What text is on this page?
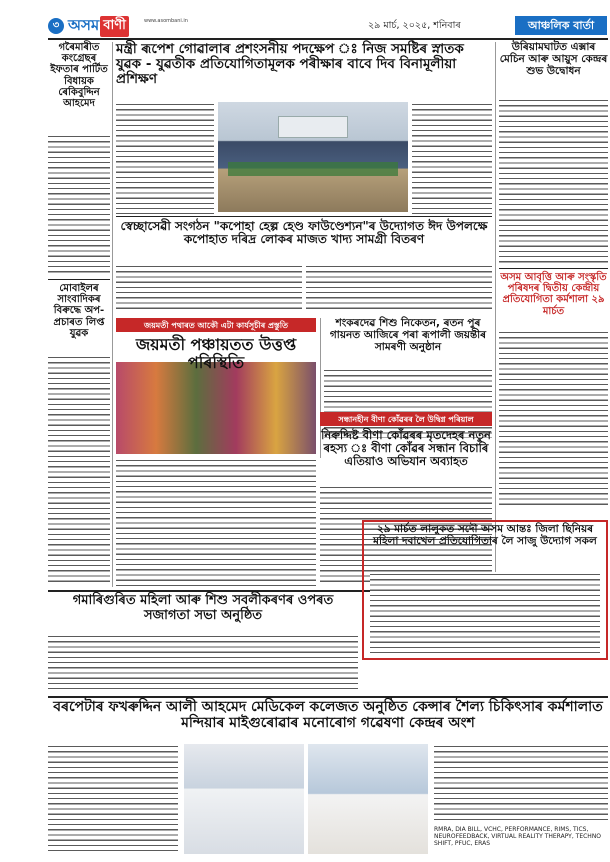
৩ অসম বাণী	www.asombani.in	২৯ মাৰ্চ, ২০২৫, শনিবাৰ	আঞ্চলিক বাৰ্তা
গৰৈমাৰীত কংগ্ৰেছৰ ইফতাৰ পাৰ্টিত বিধায়ক ৰেকিবুদ্দিন আহমেদ
মোবাইলৰ সাংবাদিকৰ বিৰুদ্ধে অপ-প্ৰচাৰত লিপ্ত যুৱক
মন্ত্ৰী ৰূপেশ গোৱালাৰ প্ৰশংসনীয় পদক্ষেপ ঃ নিজ সমষ্টিৰ স্নাতক যুৱক - যুৱতীক প্ৰতিযোগিতামূলক পৰীক্ষাৰ বাবে দিব বিনামূলীয়া প্ৰশিক্ষণ
স্বেচ্ছাসেৱী সংগঠন "কপোহা হেল্প হেণ্ড ফাউণ্ডেশ্যন"ৰ উদ্যোগত ঈদ উপলক্ষে কপোহাত দৰিদ্ৰ লোকৰ মাজত খাদ্য সামগ্ৰী বিতৰণ
জয়মতী পথাৰত আকৌ এটা কাৰ্যসূচীৰ প্ৰস্তুতি
জয়মতী পঞ্চায়তত উত্তপ্ত পৰিস্থিতি
শংকৰদেৱ শিশু নিকেতন, ৰতন পুৰ গায়নত আজিৰে পৰা ৰূপালী জয়ন্তীৰ সামৰণী অনুষ্ঠান
সন্ধানহীন বীণা কোঁৱৰৰ লৈ উদ্বিগ্ন পৰিয়াল
নিৰুদ্দিষ্ট বীণা কোঁৱৰৰ মৃতদেহৰ নতুন ৰহস্য ঃ বীণা কোঁৱৰ সন্ধান বিচাৰি এতিয়াও অভিযান অব্যাহত
উৰিয়ামঘাটত এক্সাৰ মেচিন আৰু আয়ুস কেন্দ্ৰৰ শুভ উদ্বোধন
অসম আবৃত্তি আৰু সংস্কৃতি পৰিষদৰ দ্বিতীয় কেন্দ্ৰীয় প্ৰতিযোগিতা কৰ্মশালা ২৯ মাৰ্চত
গমাৰিগুৰিত মহিলা আৰু শিশু সবলীকৰণৰ ওপৰত সজাগতা সভা অনুষ্ঠিত
২৯ মাৰ্চত লালুকত সদৌ অসম আন্তঃ জিলা ছিনিয়ৰ মহিলা দবাখেল প্ৰতিযোগিতাৰ লৈ সাজু উদ্যোগ সকল
বৰপেটাৰ ফখৰুদ্দিন আলী আহমেদ মেডিকেল কলেজত অনুষ্ঠিত কেন্সাৰ শৈল্য চিকিৎসাৰ কৰ্মশালাত মন্দিয়াৰ মাইগুৰোৱাৰ মনোৰোগ গৱেষণা কেন্দ্ৰৰ অংশ
RMRA, DIA BILL, VCHC, PERFORMANCE, RIMS, TICS, NEUROFEEDBACK, VIRTUAL REALITY THERAPY, TECHNO SHIFT, PFUC, ERAS
